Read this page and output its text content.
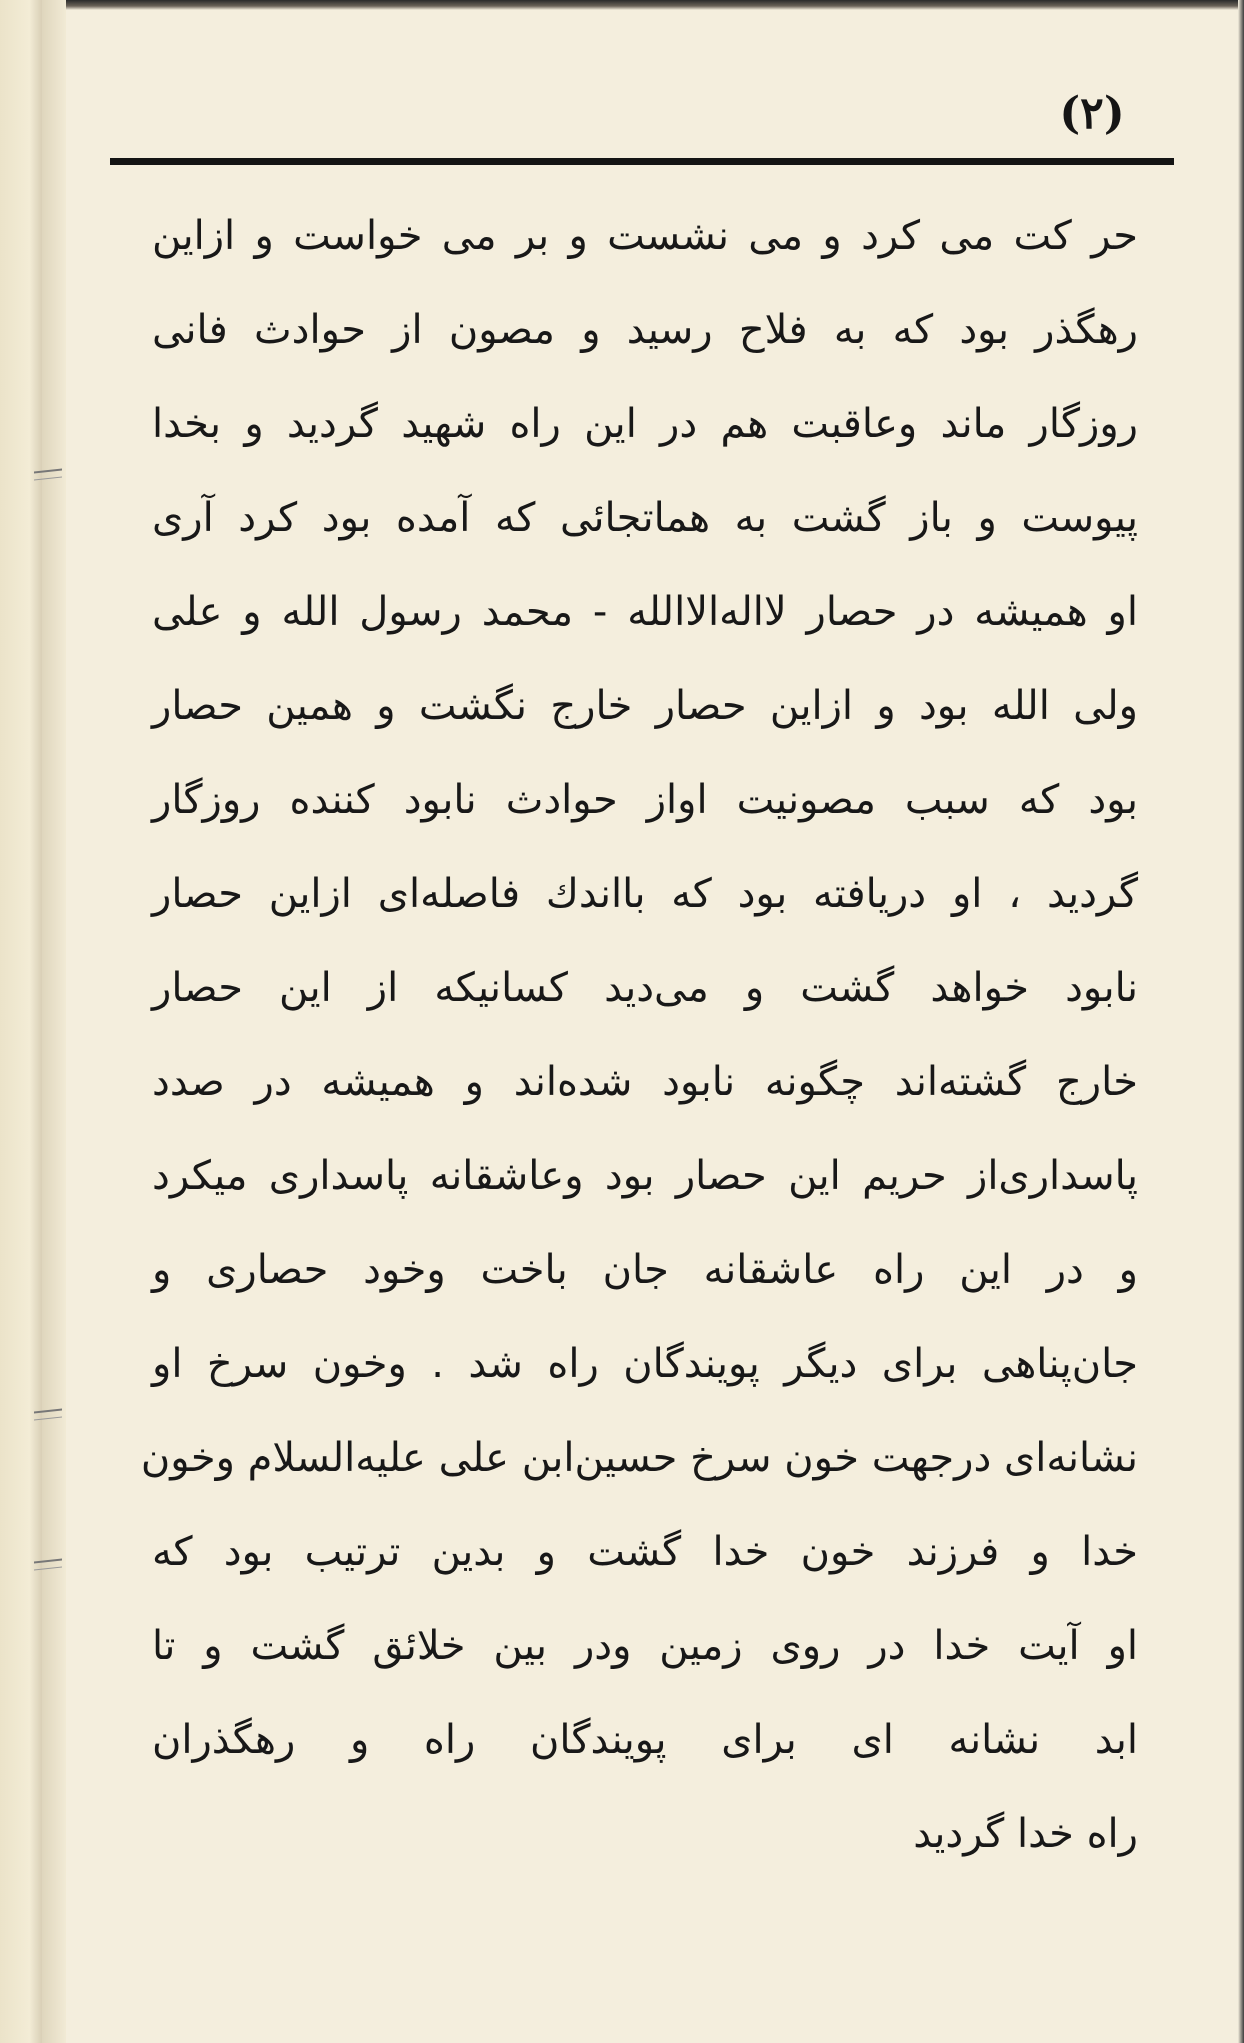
(۲)
حر کت می کرد و می نشست و بر می خواست و ازاین
رهگذر بود که به فلاح رسید و مصون از حوادث فانی
روزگار ماند وعاقبت هم در این راه شهید گردید و بخدا
پیوست و باز گشت به هماتجائی که آمده بود کرد آری
او همیشه در حصار لااله‌الاالله - محمد رسول الله و علی
ولی الله بود و ازاین حصار خارج نگشت و همین حصار
بود که سبب مصونیت اواز حوادث نابود کننده روزگار
گردید ، او دریافته بود که بااندك فاصله‌ای ازاین حصار
نابود خواهد گشت و می‌دید کسانیکه از این حصار
خارج گشته‌اند چگونه نابود شده‌اند و همیشه در صدد
پاسداری‌از حریم این حصار بود وعاشقانه پاسداری میکرد
و در این راه عاشقانه جان باخت وخود حصاری و
جان‌پناهی برای دیگر پویندگان راه شد . وخون سرخ او
نشانه‌ای درجهت خون سرخ حسین‌ابن علی علیه‌السلام وخون
خدا و فرزند خون خدا گشت و بدین ترتیب بود که
او آیت خدا در روی زمین ودر بین خلائق گشت و تا
ابد نشانه ای برای پویندگان راه و رهگذران
راه خدا گردید
